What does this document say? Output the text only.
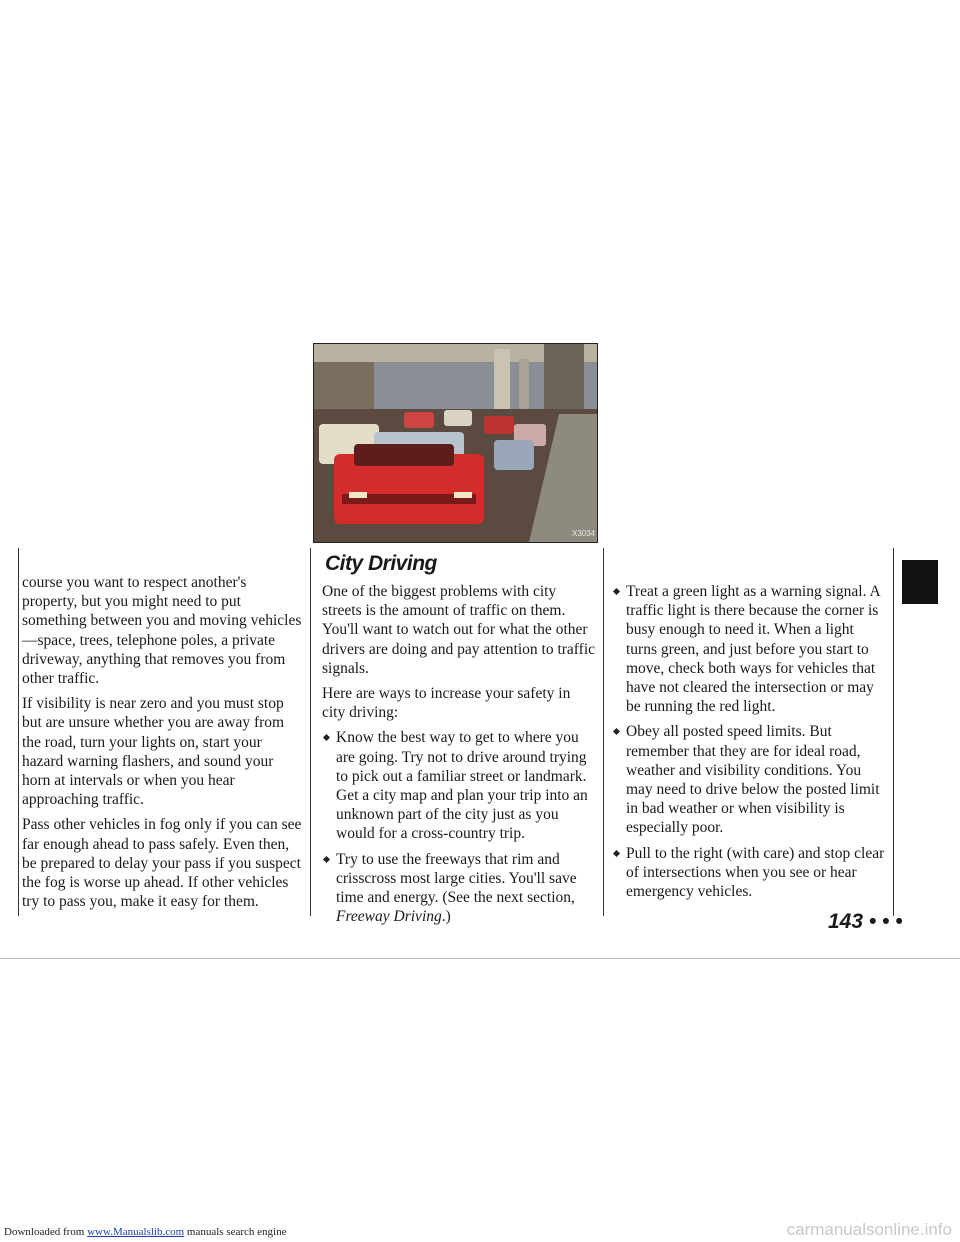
X3034

course you want to respect another's property, but you might need to put something between you and moving vehicles—space, trees, telephone poles, a private driveway, anything that removes you from other traffic.

If visibility is near zero and you must stop but are unsure whether you are away from the road, turn your lights on, start your hazard warning flashers, and sound your horn at intervals or when you hear approaching traffic.

Pass other vehicles in fog only if you can see far enough ahead to pass safely. Even then, be prepared to delay your pass if you suspect the fog is worse up ahead. If other vehicles try to pass you, make it easy for them.

City Driving

One of the biggest problems with city streets is the amount of traffic on them. You'll want to watch out for what the other drivers are doing and pay attention to traffic signals.

Here are ways to increase your safety in city driving:

Know the best way to get to where you are going. Try not to drive around trying to pick out a familiar street or landmark. Get a city map and plan your trip into an unknown part of the city just as you would for a cross-country trip.
Try to use the freeways that rim and crisscross most large cities. You'll save time and energy. (See the next section, Freeway Driving.)
Treat a green light as a warning signal. A traffic light is there because the corner is busy enough to need it. When a light turns green, and just before you start to move, check both ways for vehicles that have not cleared the intersection or may be running the red light.
Obey all posted speed limits. But remember that they are for ideal road, weather and visibility conditions. You may need to drive below the posted limit in bad weather or when visibility is especially poor.
Pull to the right (with care) and stop clear of intersections when you see or hear emergency vehicles.
143 • • •
Downloaded from www.Manualslib.com manuals search engine	carmanualsonline.info
